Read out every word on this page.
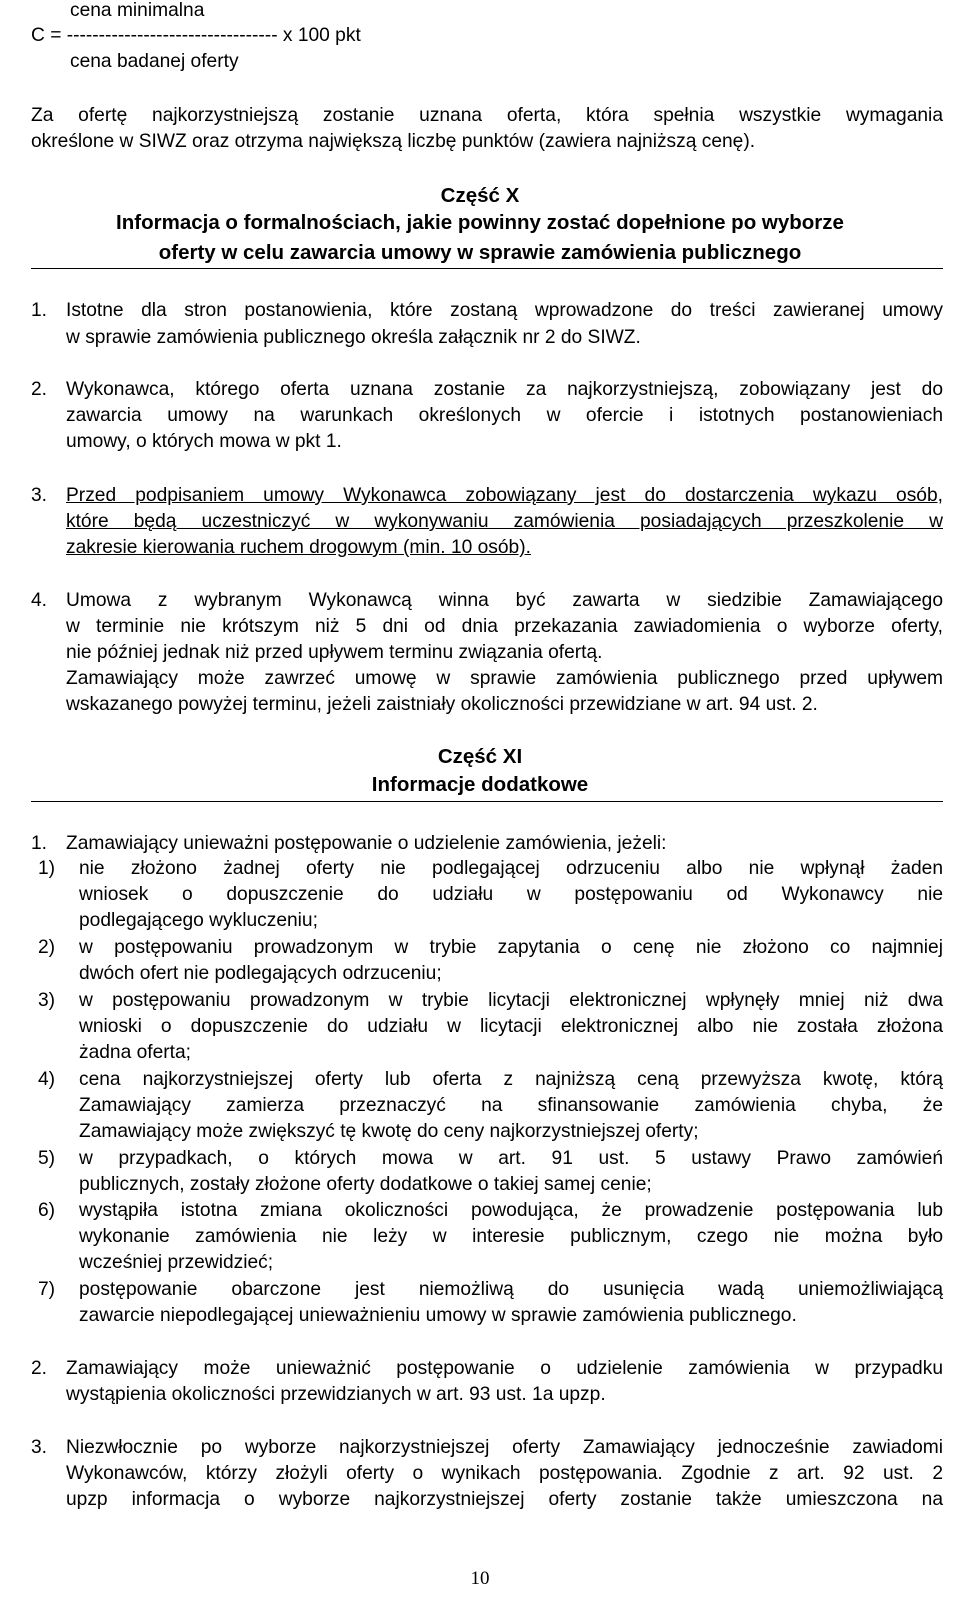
cena minimalna
C = --------------------------------- x 100 pkt
cena badanej oferty
Za ofertę najkorzystniejszą zostanie uznana oferta, która spełnia wszystkie wymagania
określone w SIWZ oraz otrzyma największą liczbę punktów (zawiera najniższą cenę).
Część X
Informacja o formalnościach, jakie powinny zostać dopełnione po wyborze
oferty w celu zawarcia umowy w sprawie zamówienia publicznego
1. Istotne dla stron postanowienia, które zostaną wprowadzone do treści zawieranej umowy
w sprawie zamówienia publicznego określa załącznik nr 2 do SIWZ.
2. Wykonawca, którego oferta uznana zostanie za najkorzystniejszą, zobowiązany jest do
zawarcia umowy na warunkach określonych w ofercie i istotnych postanowieniach
umowy, o których mowa w pkt 1.
3. Przed podpisaniem umowy Wykonawca zobowiązany jest do dostarczenia wykazu osób,
które będą uczestniczyć w wykonywaniu zamówienia posiadających przeszkolenie w
zakresie kierowania ruchem drogowym (min. 10 osób).
4. Umowa z wybranym Wykonawcą winna być zawarta w siedzibie Zamawiającego
w terminie nie krótszym niż 5 dni od dnia przekazania zawiadomienia o wyborze oferty,
nie później jednak niż przed upływem terminu związania ofertą.
Zamawiający może zawrzeć umowę w sprawie zamówienia publicznego przed upływem
wskazanego powyżej terminu, jeżeli zaistniały okoliczności przewidziane w art. 94 ust. 2.
Część XI
Informacje dodatkowe
1. Zamawiający unieważni postępowanie o udzielenie zamówienia, jeżeli:
1) nie złożono żadnej oferty nie podlegającej odrzuceniu albo nie wpłynął żaden
wniosek o dopuszczenie do udziału w postępowaniu od Wykonawcy nie
podlegającego wykluczeniu;
2) w postępowaniu prowadzonym w trybie zapytania o cenę nie złożono co najmniej
dwóch ofert nie podlegających odrzuceniu;
3) w postępowaniu prowadzonym w trybie licytacji elektronicznej wpłynęły mniej niż dwa
wnioski o dopuszczenie do udziału w licytacji elektronicznej albo nie została złożona
żadna oferta;
4) cena najkorzystniejszej oferty lub oferta z najniższą ceną przewyższa kwotę, którą
Zamawiający zamierza przeznaczyć na sfinansowanie zamówienia chyba, że
Zamawiający może zwiększyć tę kwotę do ceny najkorzystniejszej oferty;
5) w przypadkach, o których mowa w art. 91 ust. 5 ustawy Prawo zamówień
publicznych, zostały złożone oferty dodatkowe o takiej samej cenie;
6) wystąpiła istotna zmiana okoliczności powodująca, że prowadzenie postępowania lub
wykonanie zamówienia nie leży w interesie publicznym, czego nie można było
wcześniej przewidzieć;
7) postępowanie obarczone jest niemożliwą do usunięcia wadą uniemożliwiającą
zawarcie niepodlegającej unieważnieniu umowy w sprawie zamówienia publicznego.
2. Zamawiający może unieważnić postępowanie o udzielenie zamówienia w przypadku
wystąpienia okoliczności przewidzianych w art. 93 ust. 1a upzp.
3. Niezwłocznie po wyborze najkorzystniejszej oferty Zamawiający jednocześnie zawiadomi
Wykonawców, którzy złożyli oferty o wynikach postępowania. Zgodnie z art. 92 ust. 2
upzp informacja o wyborze najkorzystniejszej oferty zostanie także umieszczona na
10
